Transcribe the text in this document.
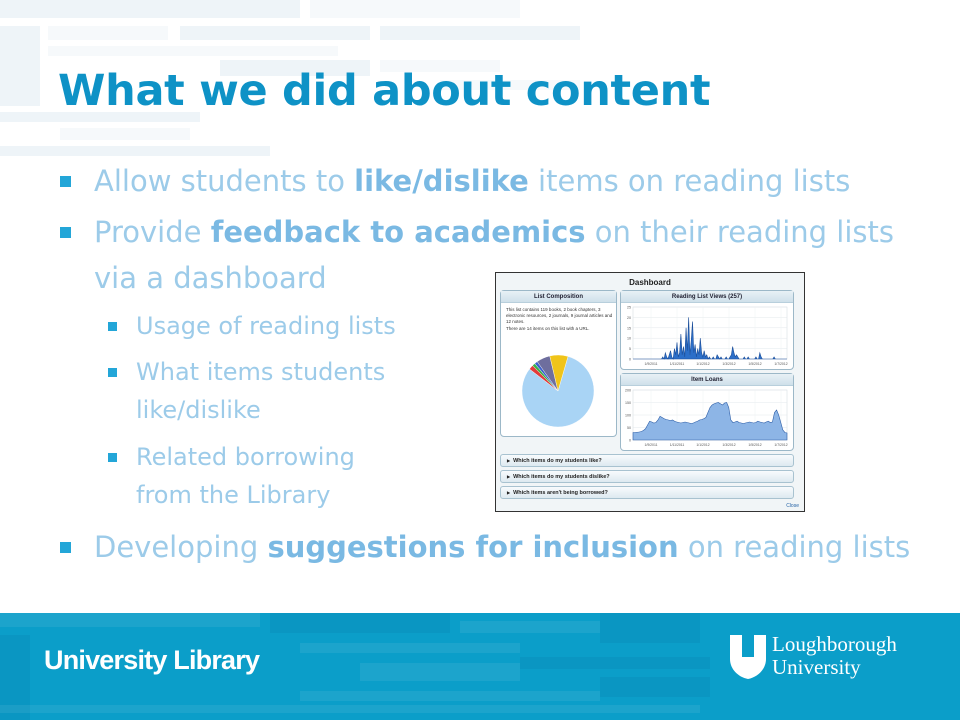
What we did about content
Allow students to like/dislike items on reading lists
Provide feedback to academics on their reading lists
via a dashboard
Usage of reading lists
What items students
like/dislike
Related borrowing
from the Library
Developing suggestions for inclusion on reading lists
Dashboard
List Composition
This list contains 119 books, 2 book chapters, 3 electronic resources, 2 journals, 9 journal articles and 12 notes.
There are 14 items on this list with a URL.
Reading List Views (257)
25
20
15
10
5
0
1/9/2011	1/11/2011	1/1/2012	1/3/2012	1/5/2012	1/7/2012
Item Loans
200
150
100
50
0
1/9/2011	1/11/2011	1/1/2012	1/3/2012	1/5/2012	1/7/2012
▶ Which items do my students like?
▶ Which items do my students dislike?
▶ Which items aren't being borrowed?
Close
University Library
Loughborough
University
